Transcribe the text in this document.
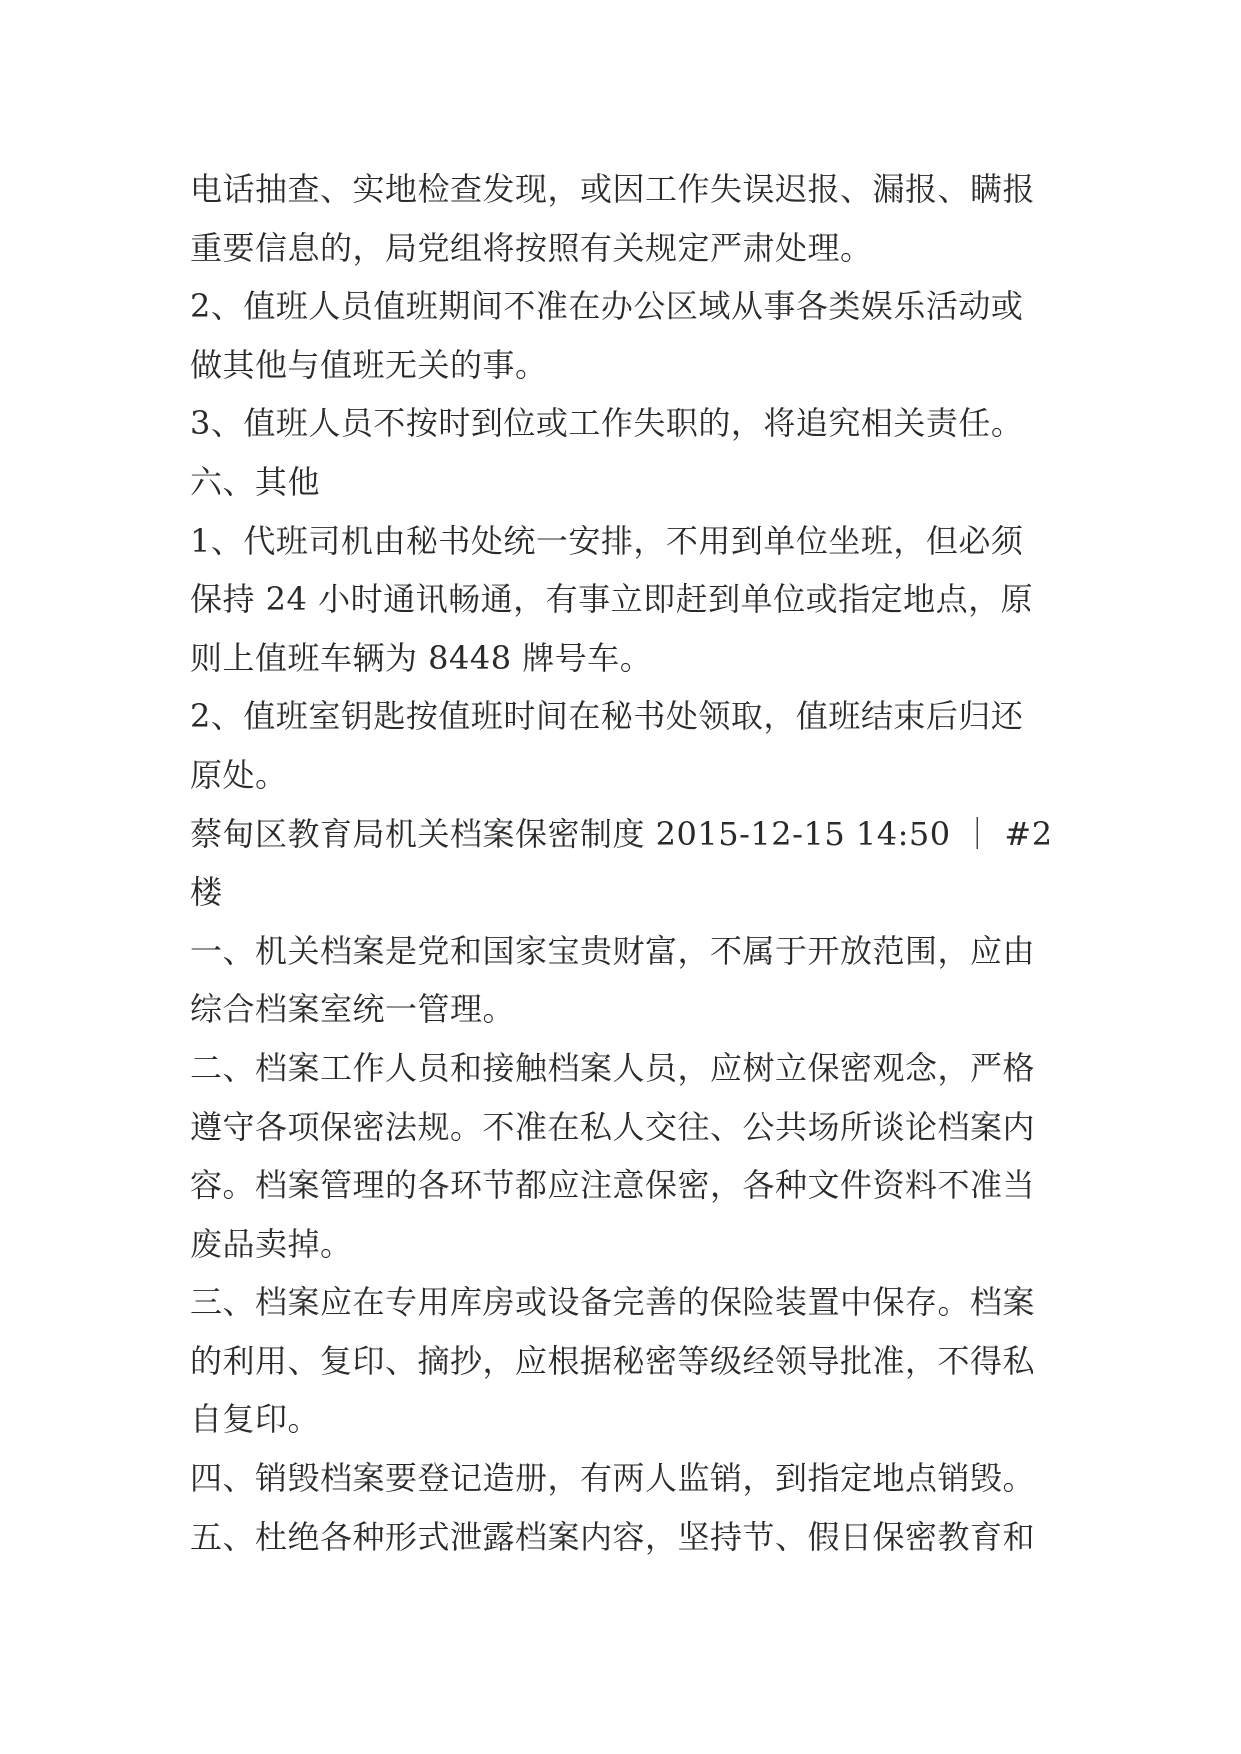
电话抽查、实地检查发现，或因工作失误迟报、漏报、瞒报
重要信息的，局党组将按照有关规定严肃处理。
2、值班人员值班期间不准在办公区域从事各类娱乐活动或
做其他与值班无关的事。
3、值班人员不按时到位或工作失职的，将追究相关责任。
六、其他
1、代班司机由秘书处统一安排，不用到单位坐班，但必须
保持 24 小时通讯畅通，有事立即赶到单位或指定地点，原
则上值班车辆为 8448 牌号车。
2、值班室钥匙按值班时间在秘书处领取，值班结束后归还
原处。
蔡甸区教育局机关档案保密制度 2015-12-15 14:50 ｜ #2
楼
一、机关档案是党和国家宝贵财富，不属于开放范围，应由
综合档案室统一管理。
二、档案工作人员和接触档案人员，应树立保密观念，严格
遵守各项保密法规。不准在私人交往、公共场所谈论档案内
容。档案管理的各环节都应注意保密，各种文件资料不准当
废品卖掉。
三、档案应在专用库房或设备完善的保险装置中保存。档案
的利用、复印、摘抄，应根据秘密等级经领导批准，不得私
自复印。
四、销毁档案要登记造册，有两人监销，到指定地点销毁。
五、杜绝各种形式泄露档案内容，坚持节、假日保密教育和
